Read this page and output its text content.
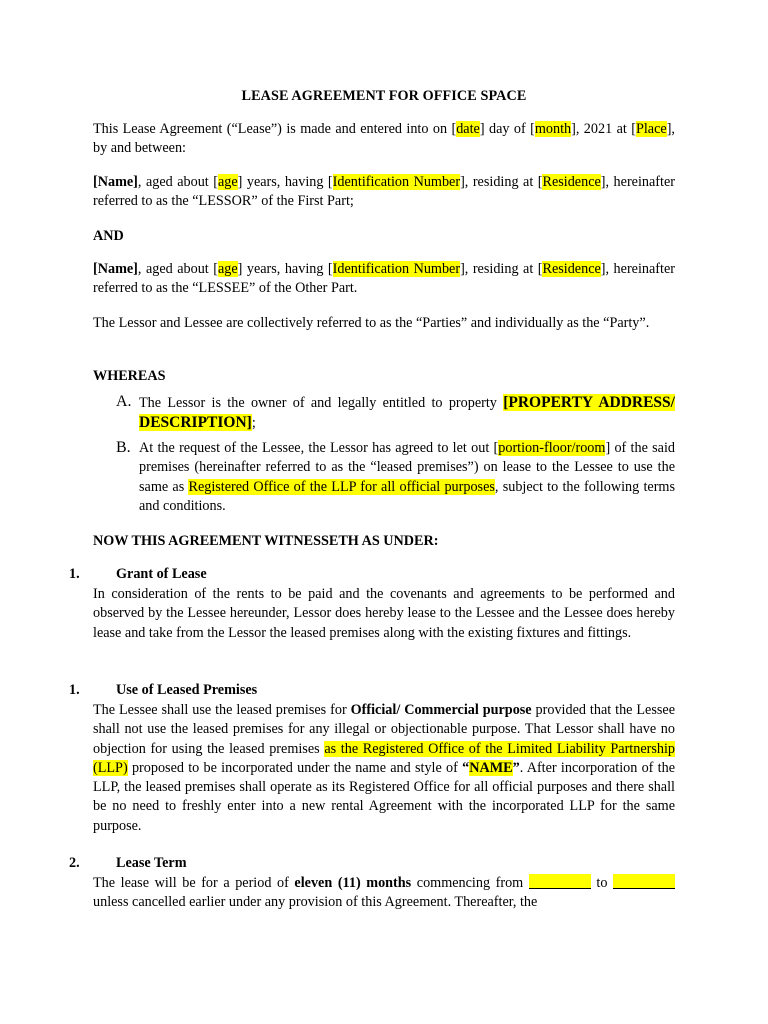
LEASE AGREEMENT FOR OFFICE SPACE
This Lease Agreement (“Lease”) is made and entered into on [date] day of [month], 2021 at [Place], by and between:
[Name], aged about [age] years, having [Identification Number], residing at [Residence], hereinafter referred to as the “LESSOR” of the First Part;
AND
[Name], aged about [age] years, having [Identification Number], residing at [Residence], hereinafter referred to as the “LESSEE” of the Other Part.
The Lessor and Lessee are collectively referred to as the “Parties” and individually as the “Party”.
WHEREAS
A. The Lessor is the owner of and legally entitled to property [PROPERTY ADDRESS/ DESCRIPTION];
B. At the request of the Lessee, the Lessor has agreed to let out [portion-floor/room] of the said premises (hereinafter referred to as the “leased premises”) on lease to the Lessee to use the same as Registered Office of the LLP for all official purposes, subject to the following terms and conditions.
NOW THIS AGREEMENT WITNESSETH AS UNDER:
1.	Grant of Lease
In consideration of the rents to be paid and the covenants and agreements to be performed and observed by the Lessee hereunder, Lessor does hereby lease to the Lessee and the Lessee does hereby lease and take from the Lessor the leased premises along with the existing fixtures and fittings.
1.	Use of Leased Premises
The Lessee shall use the leased premises for Official/ Commercial purpose provided that the Lessee shall not use the leased premises for any illegal or objectionable purpose. That Lessor shall have no objection for using the leased premises as the Registered Office of the Limited Liability Partnership (LLP) proposed to be incorporated under the name and style of “NAME”. After incorporation of the LLP, the leased premises shall operate as its Registered Office for all official purposes and there shall be no need to freshly enter into a new rental Agreement with the incorporated LLP for the same purpose.
2.	Lease Term
The lease will be for a period of eleven (11) months commencing from	to  unless cancelled earlier under any provision of this Agreement. Thereafter, the
